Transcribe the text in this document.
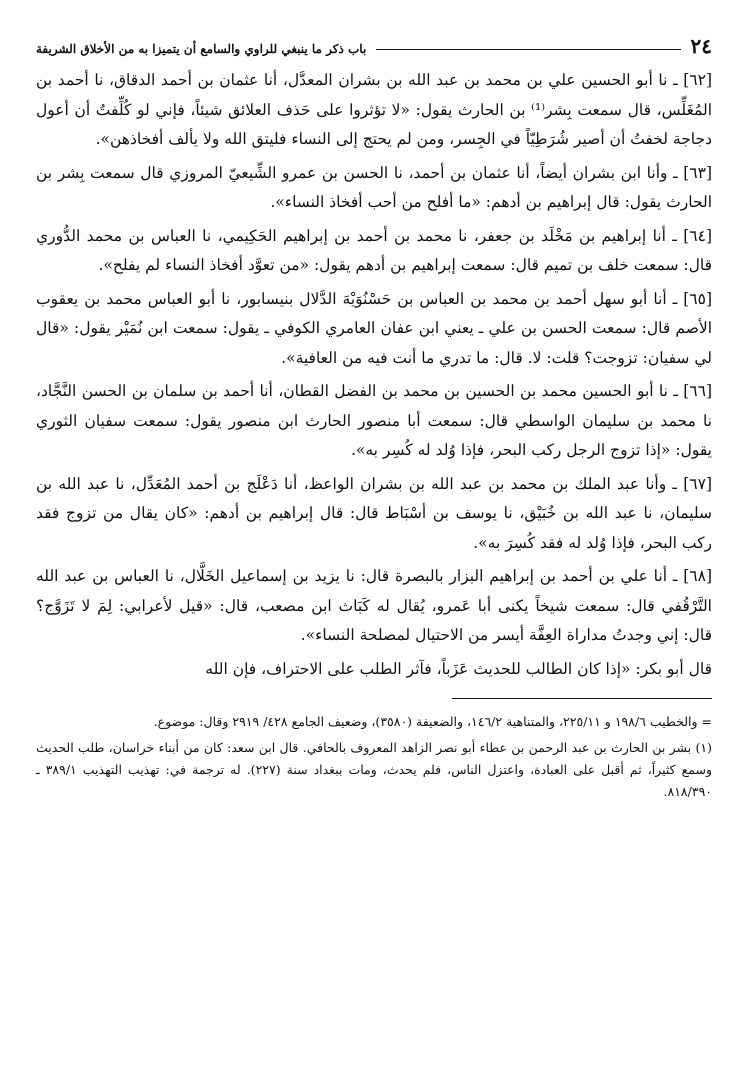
٢٤
باب ذكر ما ينبغي للراوي والسامع أن يتميزا به من الأخلاق الشريفة

[٦٢] ـ نا أبو الحسين علي بن محمد بن عبد الله بن بشران المعدَّل، أنا عثمان بن أحمد الدقاق، نا أحمد بن المُغَلِّس، قال سمعت بِشر⁽¹⁾ بن الحارث يقول: «لا تؤثروا على حَذف العلائق شيئاً، فإني لو كُلِّفتُ أن أعول دجاجة لخفتُ أن أصير شُرَطِيّاً في الجِسر، ومن لم يحتج إلى النساء فليتق الله ولا يألف أفخاذهن».

[٦٣] ـ وأنا ابن بشران أيضاً، أنا عثمان بن أحمد، نا الحسن بن عمرو الشِّيعيّ المروزي قال سمعت بِشر بن الحارث يقول: قال إبراهيم بن أدهم: «ما أفلح من أحب أفخاذ النساء».

[٦٤] ـ أنا إبراهيم بن مَخْلَد بن جعفر، نا محمد بن أحمد بن إبراهيم الحَكِيمي، نا العباس بن محمد الدُّوري قال: سمعت خلف بن تميم قال: سمعت إبراهيم بن أدهم يقول: «من تعوَّد أفخاذ النساء لم يفلح».

[٦٥] ـ أنا أبو سهل أحمد بن محمد بن العباس بن حَسْنُوَيْهَ الدَّلال بنيسابور، نا أبو العباس محمد بن يعقوب الأصم قال: سمعت الحسن بن علي ـ يعني ابن عفان العامري الكوفي ـ يقول: سمعت ابن نُمَيْر يقول: «قال لي سفيان: تزوجت؟ قلت: لا. قال: ما تدري ما أنت فيه من العافية».

[٦٦] ـ نا أبو الحسين محمد بن الحسين بن محمد بن الفضل القطان، أنا أحمد بن سلمان بن الحسن النَّجَّاد، نا محمد بن سليمان الواسطي قال: سمعت أبا منصور الحارث ابن منصور يقول: سمعت سفيان الثوري يقول: «إذا تزوج الرجل ركب البحر، فإذا وُلد له كُسِر به».

[٦٧] ـ وأنا عبد الملك بن محمد بن عبد الله بن بشران الواعظ، أنا دَعْلَج بن أحمد المُعَدِّل، نا عبد الله بن سليمان، نا عبد الله بن خُبَيْق، نا يوسف بن أسْبَاط قال: قال إبراهيم بن أدهم: «كان يقال من تزوج فقد ركب البحر، فإذا وُلد له فقد كُسِرَ به».

[٦٨] ـ أنا علي بن أحمد بن إبراهيم البزار بالبصرة قال: نا يزيد بن إسماعيل الخَلَّال، نا العباس بن عبد الله التَّرْقُفي قال: سمعت شيخاً يكنى أبا عَمرو، يُقال له كَبَاث ابن مصعب، قال: «قيل لأعرابي: لِمَ لا تَزَوَّج؟ قال: إني وجدتُ مداراة العِفَّة أيسر من الاحتيال لمصلحة النساء».

قال أبو بكر: «إذا كان الطالب للحديث عَزَباً، فآثر الطلب على الاحتراف، فإن الله

= والخطيب ١٩٨/٦ و ٢٢٥/١١، والمتناهية ١٤٦/٢، والضعيفة (٣٥٨٠)، وضعيف الجامع ٤٢٨/ ٢٩١٩ وقال: موضوع.

(١) بشر بن الحارث بن عبد الرحمن بن عطاء أبو نصر الزاهد المعروف بالحافي. قال ابن سعد: كان من أبناء خراسان، طلب الحديث وسمع كثيراً، ثم أقبل على العبادة، واعتزل الناس، فلم يحدث، ومات ببغداد سنة (٢٢٧). له ترجمة في: تهذيب التهذيب ٣٨٩/١ ـ ٨١٨/٣٩٠.
